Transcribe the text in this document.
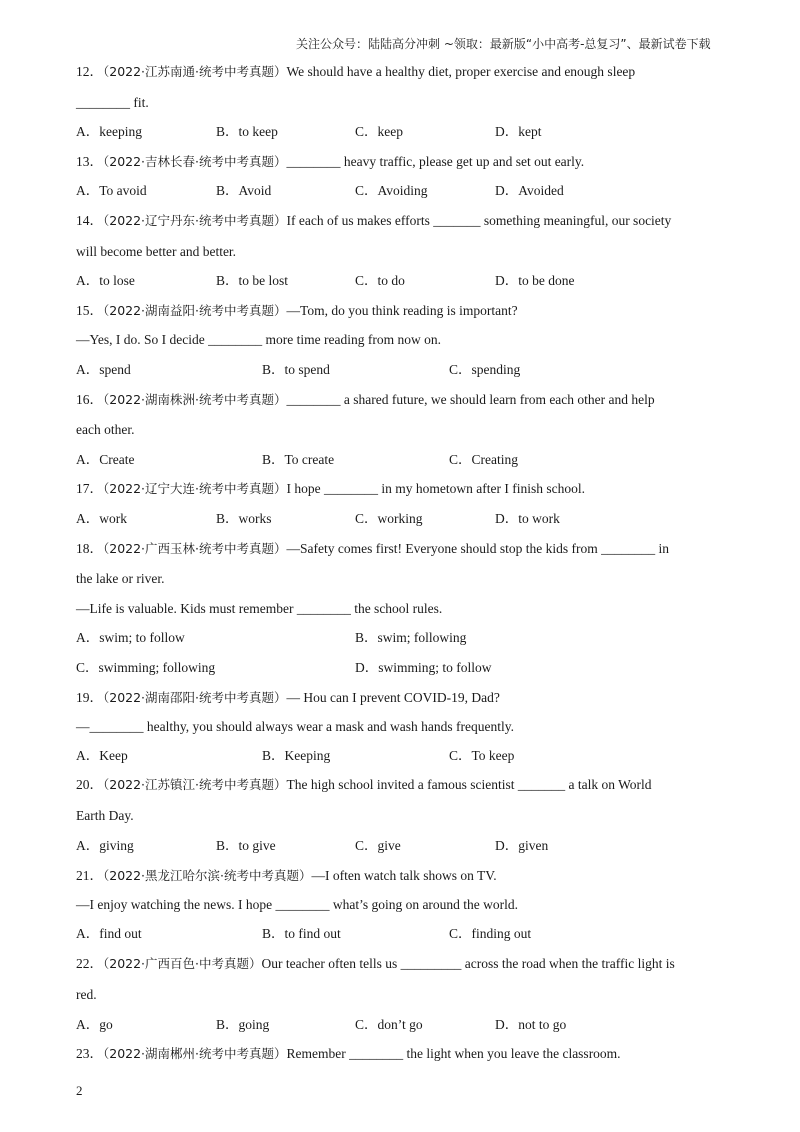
关注公众号：陆陆高分冲刺 ~领取：最新版“小中高考-总复习”、最新试卷下载
12．（2022·江苏南通·统考中考真题）We should have a healthy diet, proper exercise and enough sleep
________ fit.
A．keeping	B．to keep	C．keep	D．kept
13．（2022·吉林长春·统考中考真题）________ heavy traffic, please get up and set out early.
A．To avoid	B．Avoid	C．Avoiding	D．Avoided
14．（2022·辽宁丹东·统考中考真题）If each of us makes efforts _______ something meaningful, our society
will become better and better.
A．to lose	B．to be lost	C．to do	D．to be done
15．（2022·湖南益阳·统考中考真题）—Tom, do you think reading is important?
—Yes, I do. So I decide ________ more time reading from now on.
A．spend	B．to spend	C．spending
16．（2022·湖南株洲·统考中考真题）________ a shared future, we should learn from each other and help
each other.
A．Create	B．To create	C．Creating
17．（2022·辽宁大连·统考中考真题）I hope ________ in my hometown after I finish school.
A．work	B．works	C．working	D．to work
18．（2022·广西玉林·统考中考真题）—Safety comes first! Everyone should stop the kids from ________ in
the lake or river.
—Life is valuable. Kids must remember ________ the school rules.
A．swim; to follow	B．swim; following
C．swimming; following	D．swimming; to follow
19．（2022·湖南邵阳·统考中考真题）— Hou can I prevent COVID-19, Dad?
—________ healthy, you should always wear a mask and wash hands frequently.
A．Keep	B．Keeping	C．To keep
20．（2022·江苏镇江·统考中考真题）The high school invited a famous scientist _______ a talk on World
Earth Day.
A．giving	B．to give	C．give	D．given
21．（2022·黑龙江哈尔滨·统考中考真题）—I often watch talk shows on TV.
—I enjoy watching the news. I hope ________ what’s going on around the world.
A．find out	B．to find out	C．finding out
22．（2022·广西百色·中考真题）Our teacher often tells us _________ across the road when the traffic light is
red.
A．go	B．going	C．don’t go	D．not to go
23．（2022·湖南郴州·统考中考真题）Remember ________ the light when you leave the classroom.
2
